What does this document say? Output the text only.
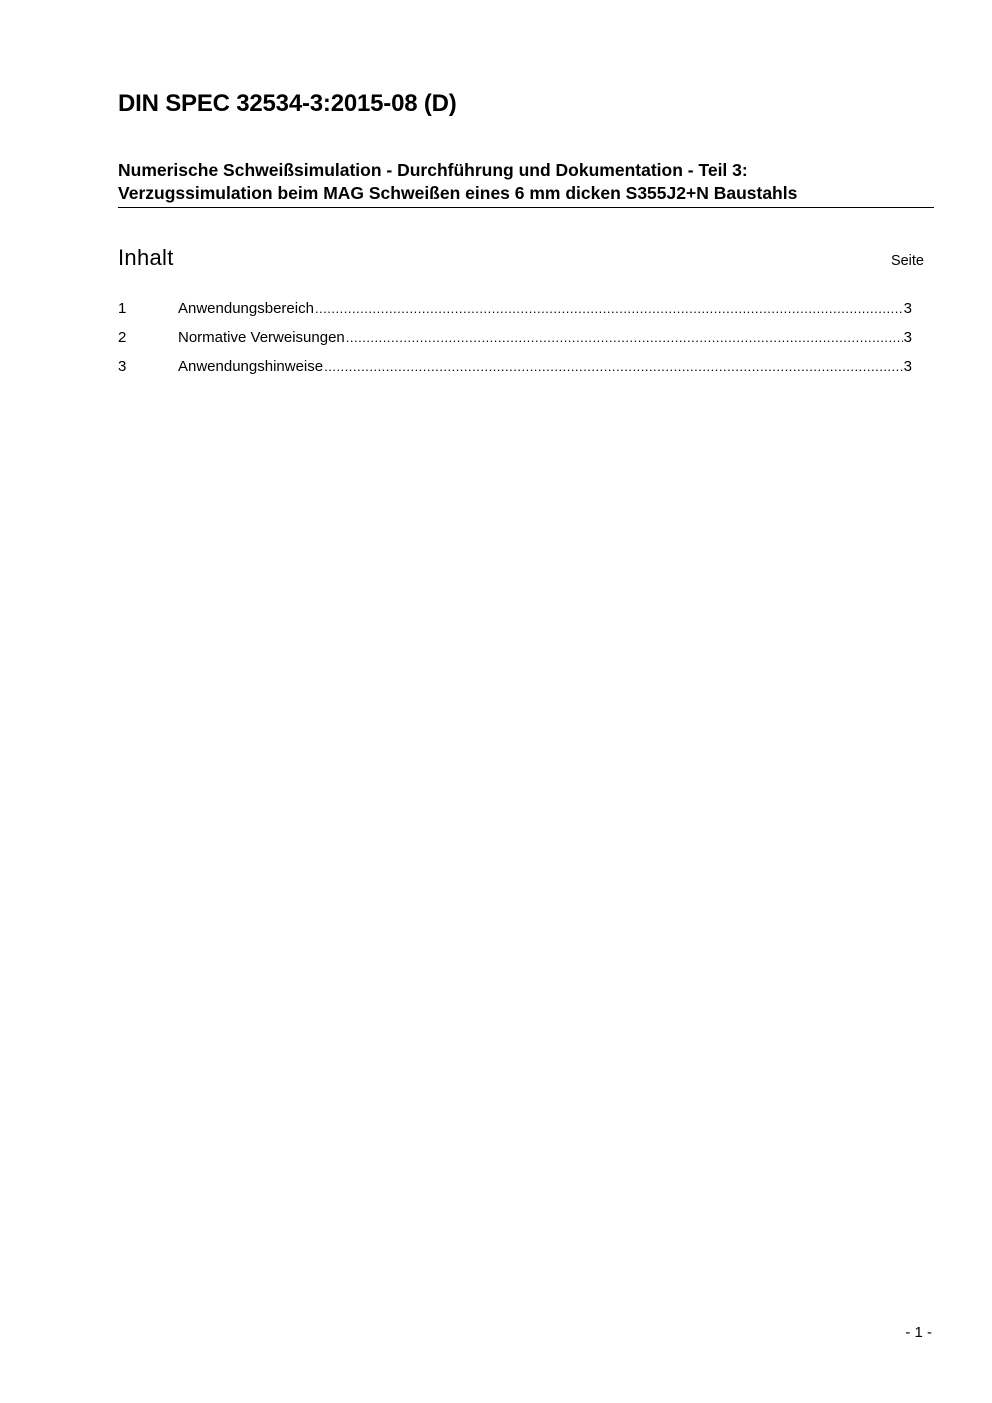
DIN SPEC 32534-3:2015-08 (D)
Numerische Schweißsimulation - Durchführung und Dokumentation - Teil 3:
Verzugssimulation beim MAG Schweißen eines 6 mm dicken S355J2+N Baustahls
Inhalt	Seite
1	Anwendungsbereich .....	3
2	Normative Verweisungen .....	3
3	Anwendungshinweise .....	3
- 1 -
